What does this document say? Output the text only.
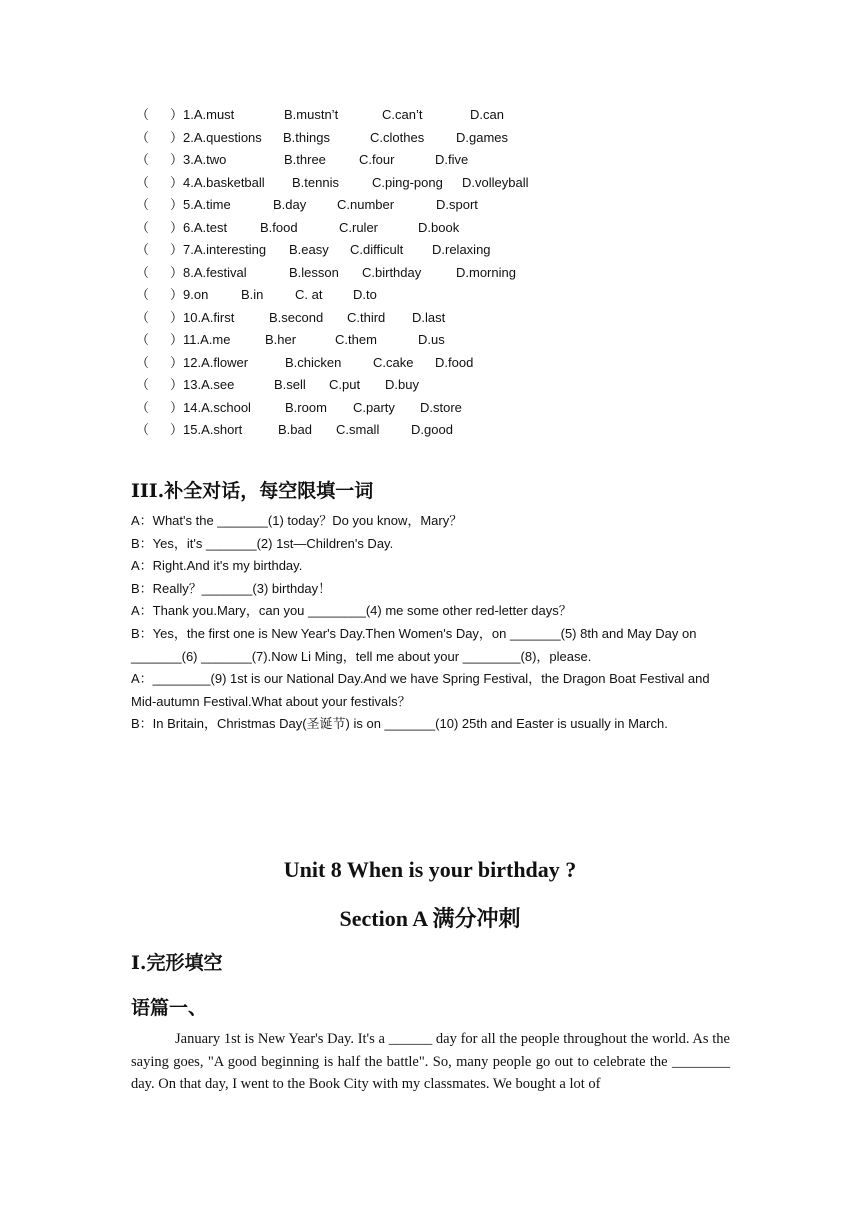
（ ） 1.A.must	B.mustn’t	C.can’t	D.can
（ ） 2.A.questions B.things	C.clothes D.games
（ ） 3.A.two	B.three	C.four	D.five
（ ） 4.A.basketball B.tennis	C.ping-pong D.volleyball
（ ） 5.A.time	B.day C.number	D.sport
（ ） 6.A.test	B.food	C.ruler	D.book
（ ） 7.A.interesting B.easy C.difficult D.relaxing
（ ） 8.A.festival	B.lesson C.birthday	D.morning
（ ） 9.on	B.in C. at D.to
（ ） 10.A.first	B.second C.third D.last
（ ） 11.A.me	B.her	C.them	D.us
（ ） 12.A.flower	B.chicken C.cake D.food
（ ） 13.A.see	B.sell C.put D.buy
（ ） 14.A.school	B.room C.party D.store
（ ） 15.A.short	B.bad C.small D.good
III.补全对话，每空限填一词

A：What's the _______(1) today？Do you know，Mary？

B：Yes，it's _______(2) 1st—Children's Day.

A：Right.And it's my birthday.

B：Really？_______(3) birthday！

A：Thank you.Mary，can you ________(4) me some other red-letter days？

B：Yes，the first one is New Year's Day.Then Women's Day，on _______(5) 8th and May Day on _______(6) _______(7).Now Li Ming，tell me about your ________(8)，please.

A：________(9) 1st is our National Day.And we have Spring Festival，the Dragon Boat Festival and Mid-autumn Festival.What about your festivals？

B：In Britain，Christmas Day(圣诞节) is on _______(10) 25th and Easter is usually in March.

Unit 8 When is your birthday ?
Section A 满分冲刺
I.完形填空
语篇一、

January 1st is New Year's Day. It's a ______ day for all the people throughout the world. As the saying goes, "A good beginning is half the battle". So, many people go out to celebrate the ________ day. On that day, I went to the Book City with my classmates. We bought a lot of
